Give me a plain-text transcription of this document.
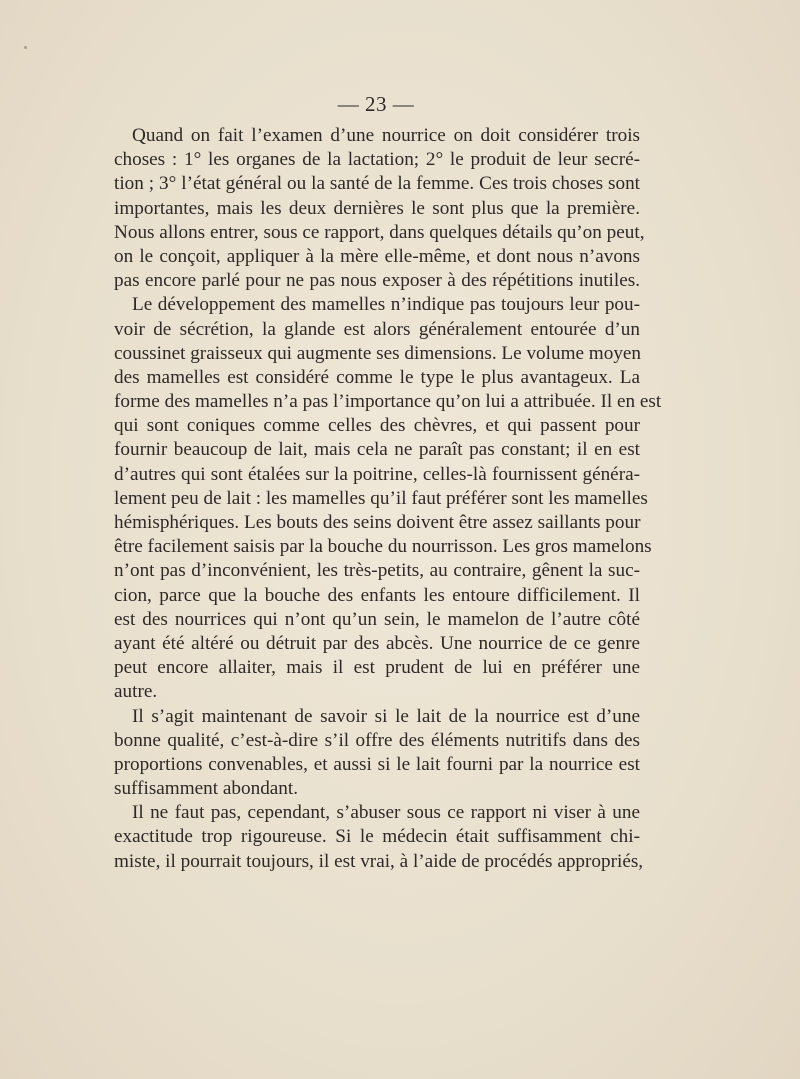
— 23 —
Quand on fait l’examen d’une nourrice on doit considérer trois
choses : 1° les organes de la lactation; 2° le produit de leur secré-
tion ; 3° l’état général ou la santé de la femme. Ces trois choses sont
importantes, mais les deux dernières le sont plus que la première.
Nous allons entrer, sous ce rapport, dans quelques détails qu’on peut,
on le conçoit, appliquer à la mère elle-même, et dont nous n’avons
pas encore parlé pour ne pas nous exposer à des répétitions inutiles.
Le développement des mamelles n’indique pas toujours leur pou-
voir de sécrétion, la glande est alors généralement entourée d’un
coussinet graisseux qui augmente ses dimensions. Le volume moyen
des mamelles est considéré comme le type le plus avantageux. La
forme des mamelles n’a pas l’importance qu’on lui a attribuée. Il en est
qui sont coniques comme celles des chèvres, et qui passent pour
fournir beaucoup de lait, mais cela ne paraît pas constant; il en est
d’autres qui sont étalées sur la poitrine, celles-là fournissent généra-
lement peu de lait : les mamelles qu’il faut préférer sont les mamelles
hémisphériques. Les bouts des seins doivent être assez saillants pour
être facilement saisis par la bouche du nourrisson. Les gros mamelons
n’ont pas d’inconvénient, les très-petits, au contraire, gênent la suc-
cion, parce que la bouche des enfants les entoure difficilement. Il
est des nourrices qui n’ont qu’un sein, le mamelon de l’autre côté
ayant été altéré ou détruit par des abcès. Une nourrice de ce genre
peut encore allaiter, mais il est prudent de lui en préférer une
autre.
Il s’agit maintenant de savoir si le lait de la nourrice est d’une
bonne qualité, c’est-à-dire s’il offre des éléments nutritifs dans des
proportions convenables, et aussi si le lait fourni par la nourrice est
suffisamment abondant.
Il ne faut pas, cependant, s’abuser sous ce rapport ni viser à une
exactitude trop rigoureuse. Si le médecin était suffisamment chi-
miste, il pourrait toujours, il est vrai, à l’aide de procédés appropriés,
